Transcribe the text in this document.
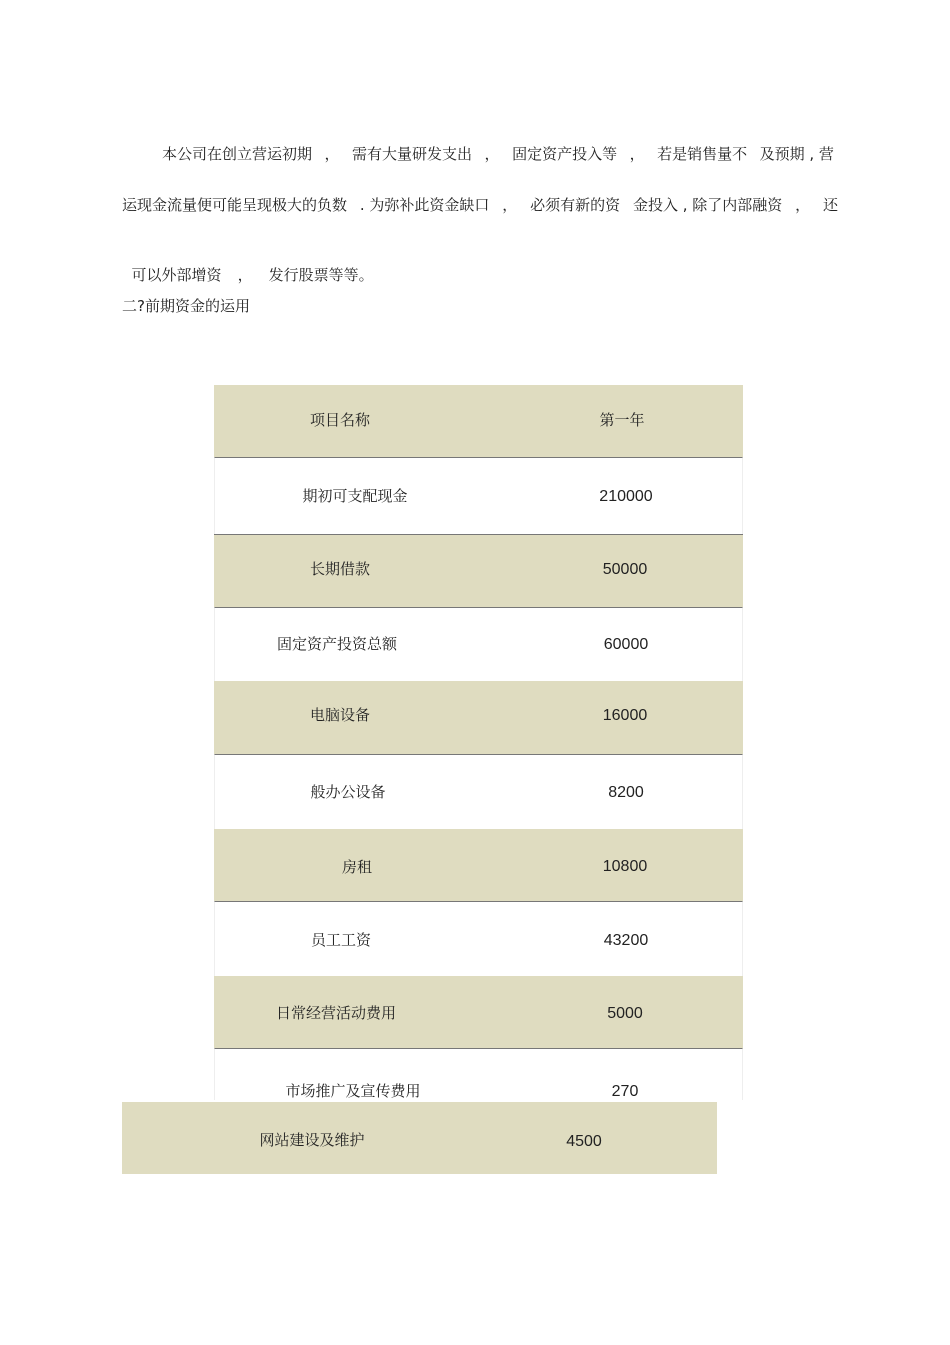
本公司在创立营运初期 ， 需有大量研发支出 ， 固定资产投入等 ， 若是销售量不 及预期 , 营
运现金流量便可能呈现极大的负数 . 为弥补此资金缺口 ， 必须有新的资 金投入 , 除了内部融资 ， 还

可以外部增资 ， 发行股票等等。

二?前期资金的运用
项目名称	第一年
期初可支配现金	210000
长期借款	50000
固定资产投资总额	60000
电脑设备	16000
般办公设备	8200
房租	10800
员工工资	43200
日常经营活动费用	5000
市场推广及宣传费用	270
网站建设及维护	4500
